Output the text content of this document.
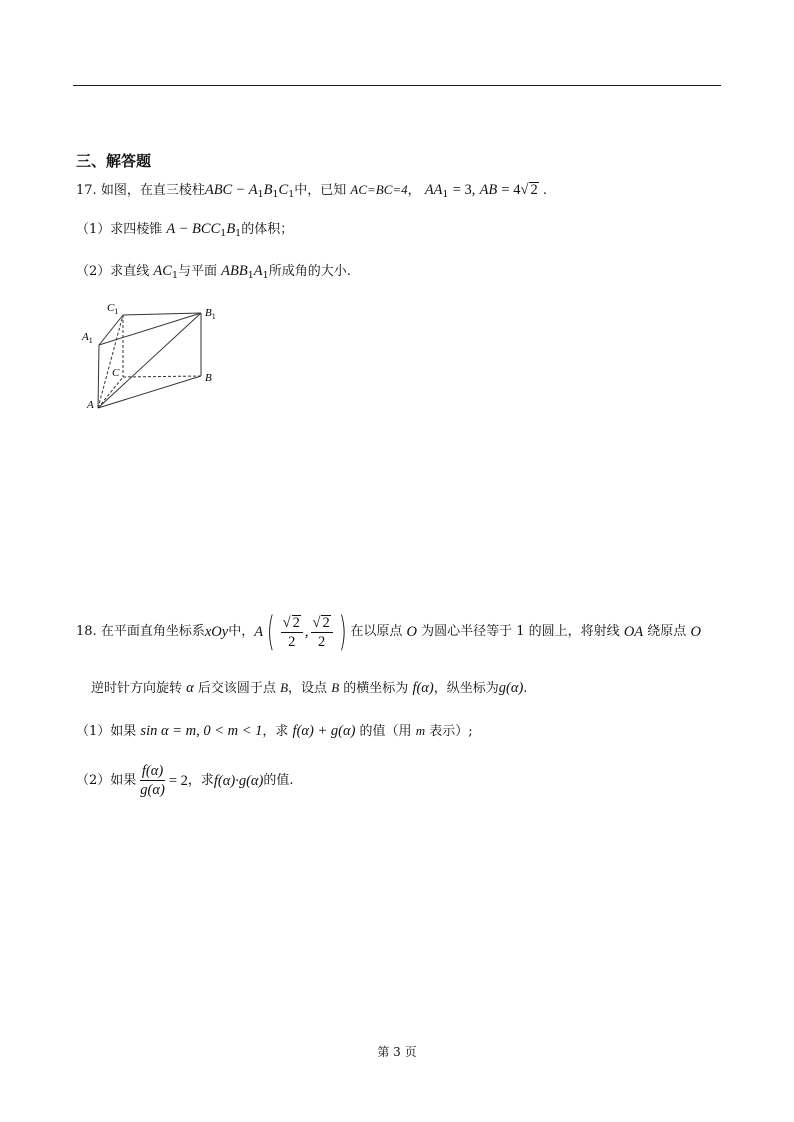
三、解答题
17. 如图，在直三棱柱ABC − $A_1B_1C_1$中，已知 AC=BC=4， $AA_1 = 3$, AB = 4√ 2 .
（1）求四棱锥 $A - BCC_1B_1$的体积；
（2）求直线 $AC_1$与平面 $ABB_1A_1$所成角的大小.
$C_1$	$B_1$
$A_1$
C	B
A
18.
在平面直角坐标系 xOy 中， A ( $\frac{√ 2}{2}$ , $\frac{√ 2}{2}$ ) 在以原点
O
为圆心半径等于 1 的圆上，将射线
OA
绕原点
O
逆时针方向旋转 α 后交该圆于点 B，设点 B 的横坐标为 f(α)，纵坐标为g(α).
（1）如果 sin α = m, 0 < m < 1，求 f(α) + g(α) 的值（用 m 表示）;
（2）如果 $\frac{f(\alpha)}{g(\alpha)} = 2$ ，求 f(α)·g(α) 的值.
第 3 页
